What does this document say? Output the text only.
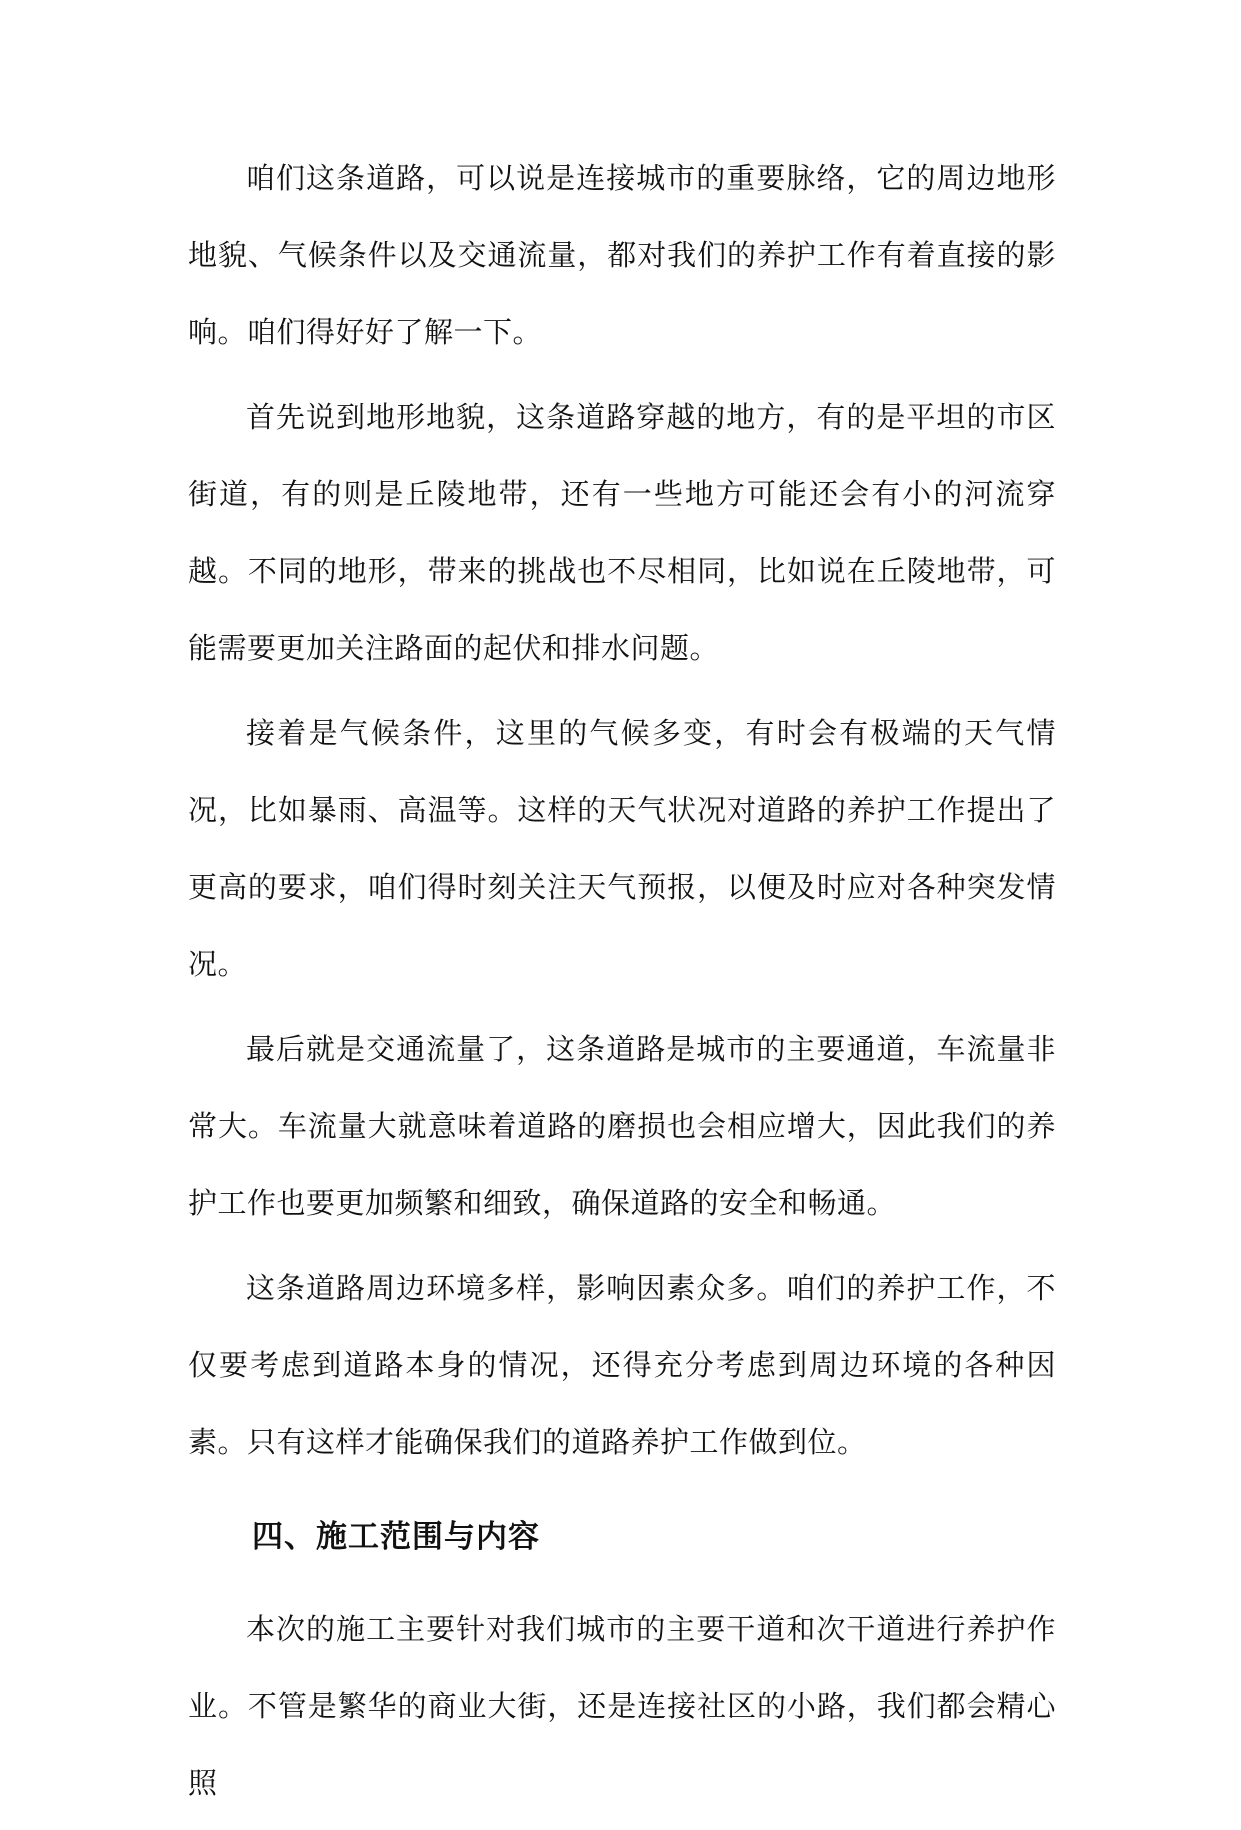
咱们这条道路，可以说是连接城市的重要脉络，它的周边地形地貌、气候条件以及交通流量，都对我们的养护工作有着直接的影响。咱们得好好了解一下。

首先说到地形地貌，这条道路穿越的地方，有的是平坦的市区街道，有的则是丘陵地带，还有一些地方可能还会有小的河流穿越。不同的地形，带来的挑战也不尽相同，比如说在丘陵地带，可能需要更加关注路面的起伏和排水问题。

接着是气候条件，这里的气候多变，有时会有极端的天气情况，比如暴雨、高温等。这样的天气状况对道路的养护工作提出了更高的要求，咱们得时刻关注天气预报，以便及时应对各种突发情况。

最后就是交通流量了，这条道路是城市的主要通道，车流量非常大。车流量大就意味着道路的磨损也会相应增大，因此我们的养护工作也要更加频繁和细致，确保道路的安全和畅通。

这条道路周边环境多样，影响因素众多。咱们的养护工作，不仅要考虑到道路本身的情况，还得充分考虑到周边环境的各种因素。只有这样才能确保我们的道路养护工作做到位。

四、施工范围与内容

本次的施工主要针对我们城市的主要干道和次干道进行养护作业。不管是繁华的商业大街，还是连接社区的小路，我们都会精心照
